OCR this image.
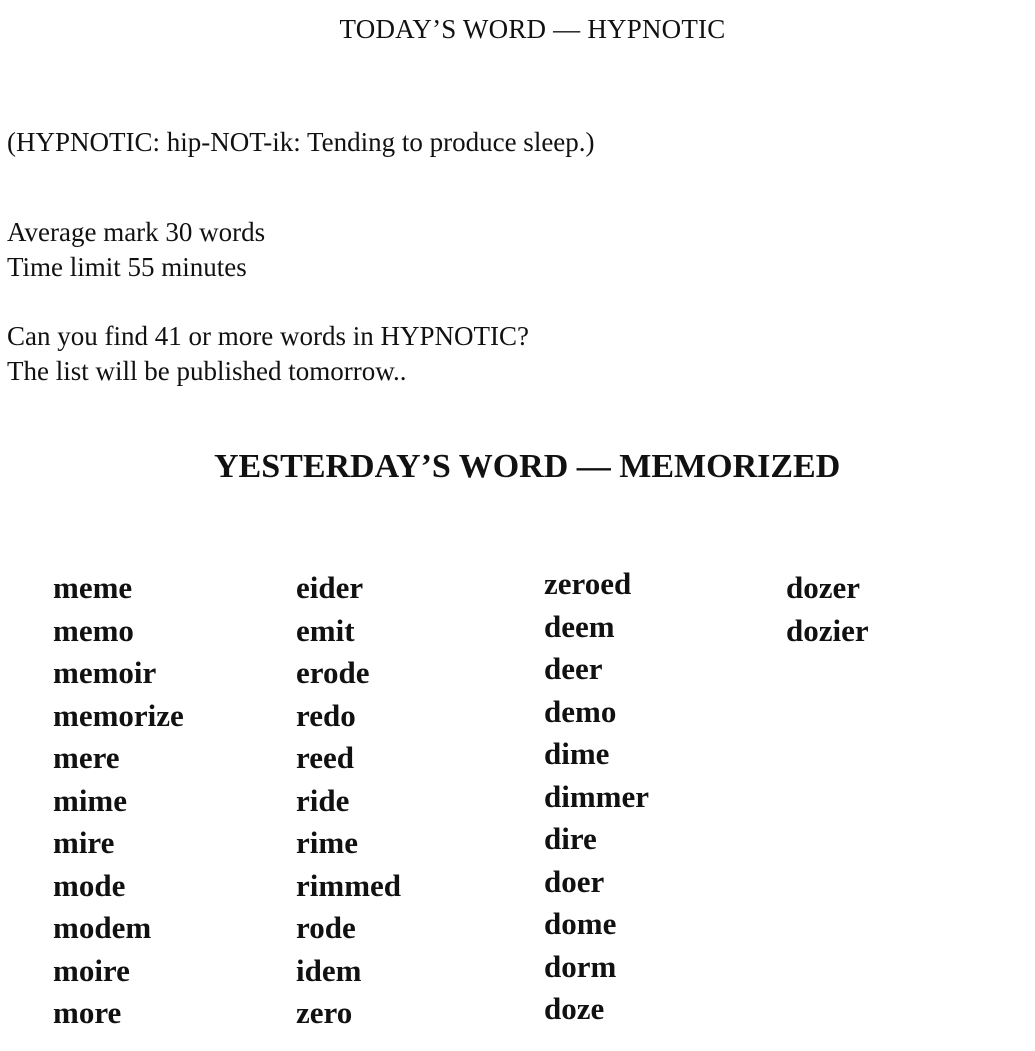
TODAY’S WORD — HYPNOTIC
(HYPNOTIC: hip-NOT-ik: Tending to produce sleep.)
Average mark 30 words
Time limit 55 minutes
Can you find 41 or more words in HYPNOTIC?
The list will be published tomorrow..
YESTERDAY’S WORD — MEMORIZED
meme
memo
memoir
memorize
mere
mime
mire
mode
modem
moire
more
eider
emit
erode
redo
reed
ride
rime
rimmed
rode
idem
zero
zeroed
deem
deer
demo
dime
dimmer
dire
doer
dome
dorm
doze
dozer
dozier
